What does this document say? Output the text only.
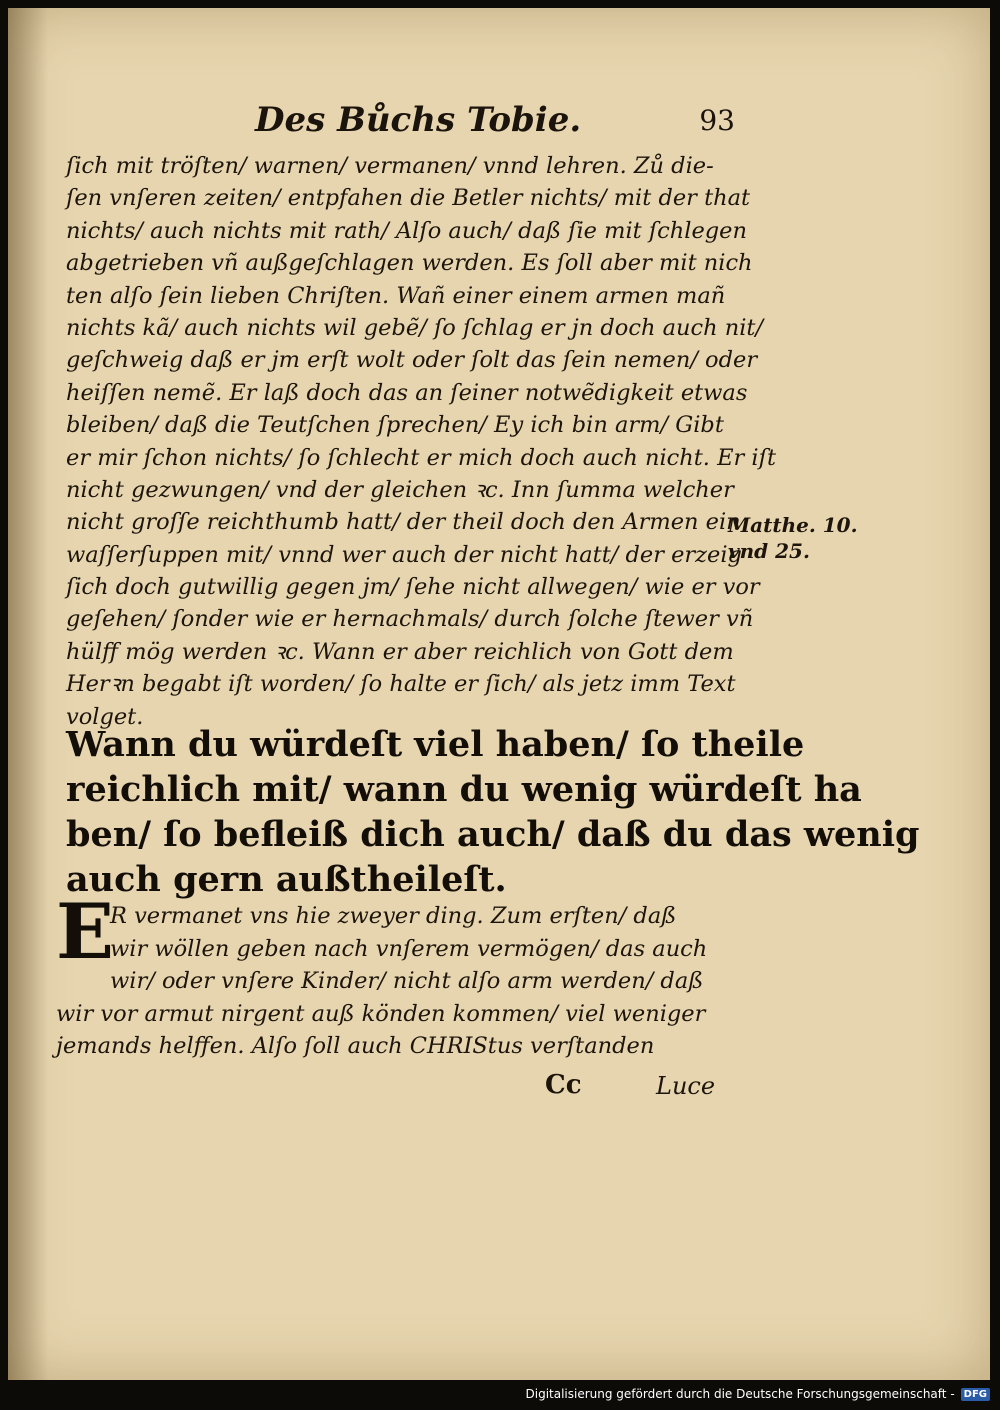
Des Bůchs Tobie.	93
ſich mit tröſten/ warnen/ vermanen/ vnnd lehren. Zů die-
ſen vnſeren zeiten/ entpfahen die Betler nichts/ mit der that
nichts/ auch nichts mit rath/ Alſo auch/ daß ſie mit ſchlegen
abgetrieben vñ außgeſchlagen werden. Es ſoll aber mit nich
ten alſo ſein lieben Chriſten. Wañ einer einem armen mañ
nichts kã/ auch nichts wil gebẽ/ ſo ſchlag er jn doch auch nit/
geſchweig daß er jm erſt wolt oder ſolt das ſein nemen/ oder
heiſſen nemẽ. Er laß doch das an ſeiner notwẽdigkeit etwas
bleiben/ daß die Teutſchen ſprechen/ Ey ich bin arm/ Gibt
er mir ſchon nichts/ ſo ſchlecht er mich doch auch nicht. Er iſt
nicht gezwungen/ vnd der gleichen ꝛc. Inn ſumma welcher
nicht groſſe reichthumb hatt/ der theil doch den Armen ein
waſſerſuppen mit/ vnnd wer auch der nicht hatt/ der erzeig
ſich doch gutwillig gegen jm/ ſehe nicht allwegen/ wie er vor
geſehen/ ſonder wie er hernachmals/ durch ſolche ſtewer vñ
hülff mög werden ꝛc. Wann er aber reichlich von Gott dem
Herꝛn begabt iſt worden/ ſo halte er ſich/ als jetz imm Text
volget.
Matthe. 10.
vnd 25.
Wann du würdeſt viel haben/ ſo theile
reichlich mit/ wann du wenig würdeſt ha
ben/ ſo befleiß dich auch/ daß du das wenig
auch gern außtheileſt.
E
R vermanet vns hie zweyer ding. Zum erſten/ daß
wir wöllen geben nach vnſerem vermögen/ das auch
wir/ oder vnſere Kinder/ nicht alſo arm werden/ daß
wir vor armut nirgent auß könden kommen/ viel weniger
jemands helffen. Alſo ſoll auch CHRIStus verſtanden
Cc	Luce
Digitalisierung gefördert durch die Deutsche Forschungsgemeinschaft - DFG
